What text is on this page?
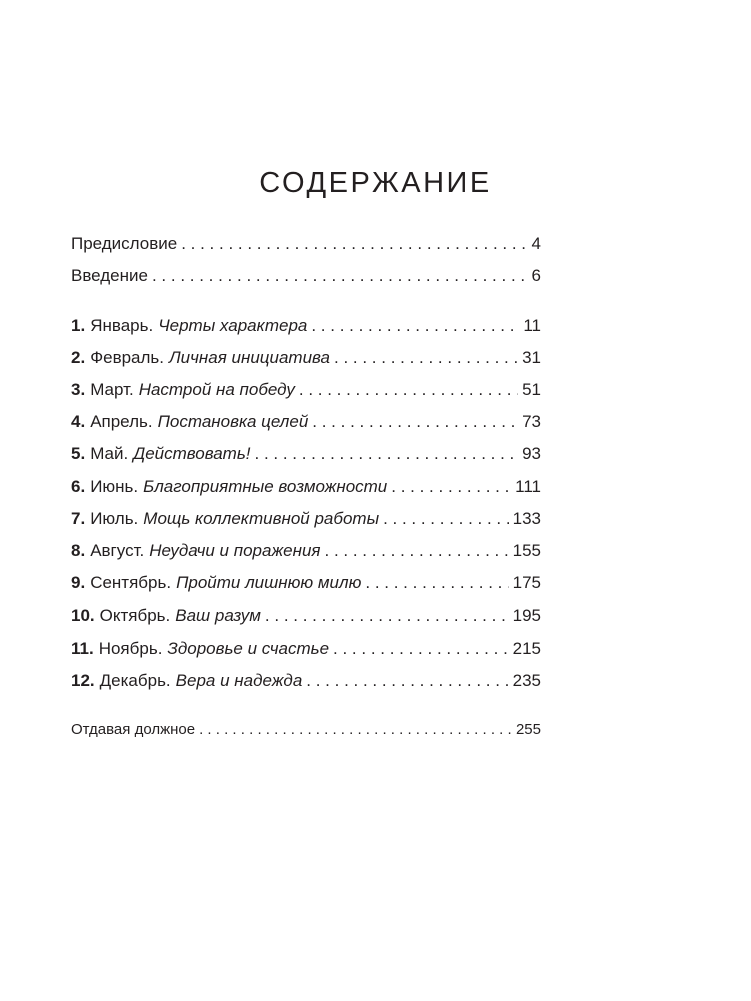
СОДЕРЖАНИЕ
Предисловие . . .	4
Введение . . .	6
1. Январь. Черты характера . . .	11
2. Февраль. Личная инициатива . . .	31
3. Март. Настрой на победу . . .	51
4. Апрель. Постановка целей . . .	73
5. Май. Действовать! . . .	93
6. Июнь. Благоприятные возможности . . .	111
7. Июль. Мощь коллективной работы . . .	133
8. Август. Неудачи и поражения . . .	155
9. Сентябрь. Пройти лишнюю милю . . .	175
10. Октябрь. Ваш разум . . .	195
11. Ноябрь. Здоровье и счастье . . .	215
12. Декабрь. Вера и надежда . . .	235
Отдавая должное . . .	255
